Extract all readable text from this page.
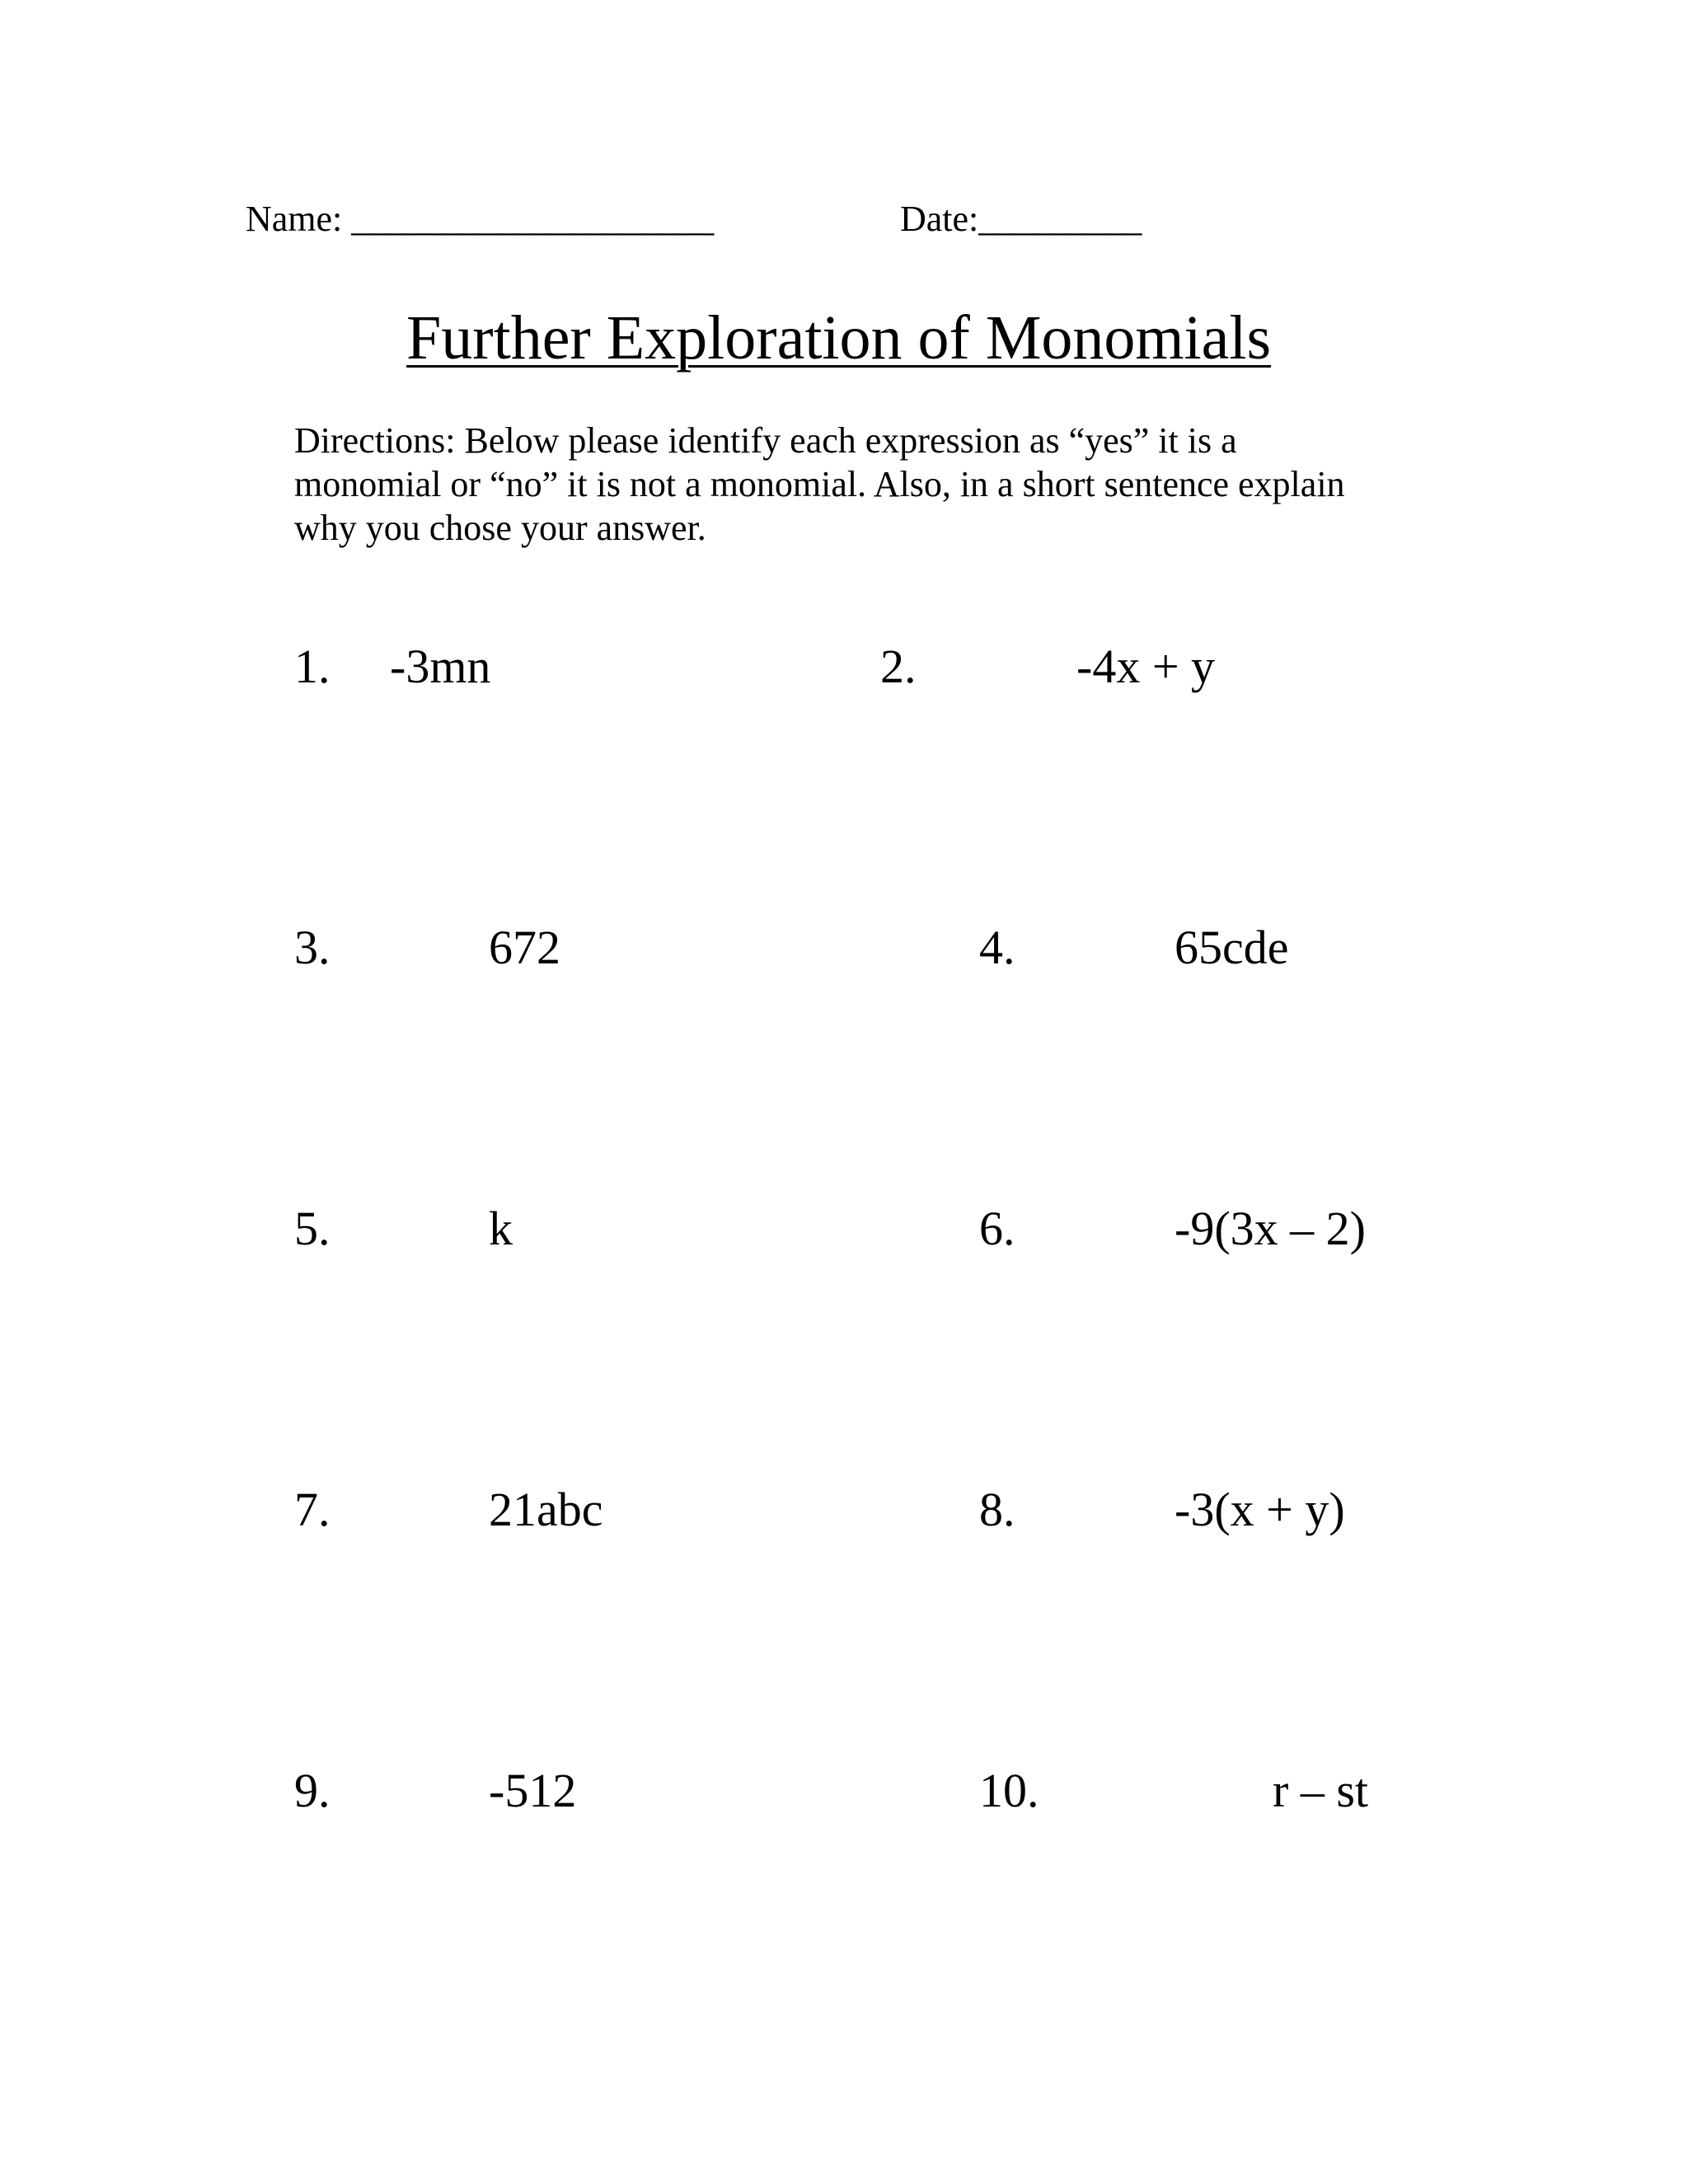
Name: ____________________	Date:_________
Further Exploration of Monomials
Directions: Below please identify each expression as “yes” it is a
monomial or “no” it is not a monomial. Also, in a short sentence explain
why you chose your answer.
1. -3mn	2.	-4x + y
3.	672	4.	65cde
5.	k	6.	-9(3x – 2)
7.	21abc	8.	-3(x + y)
9.	-512	10.	r – st
